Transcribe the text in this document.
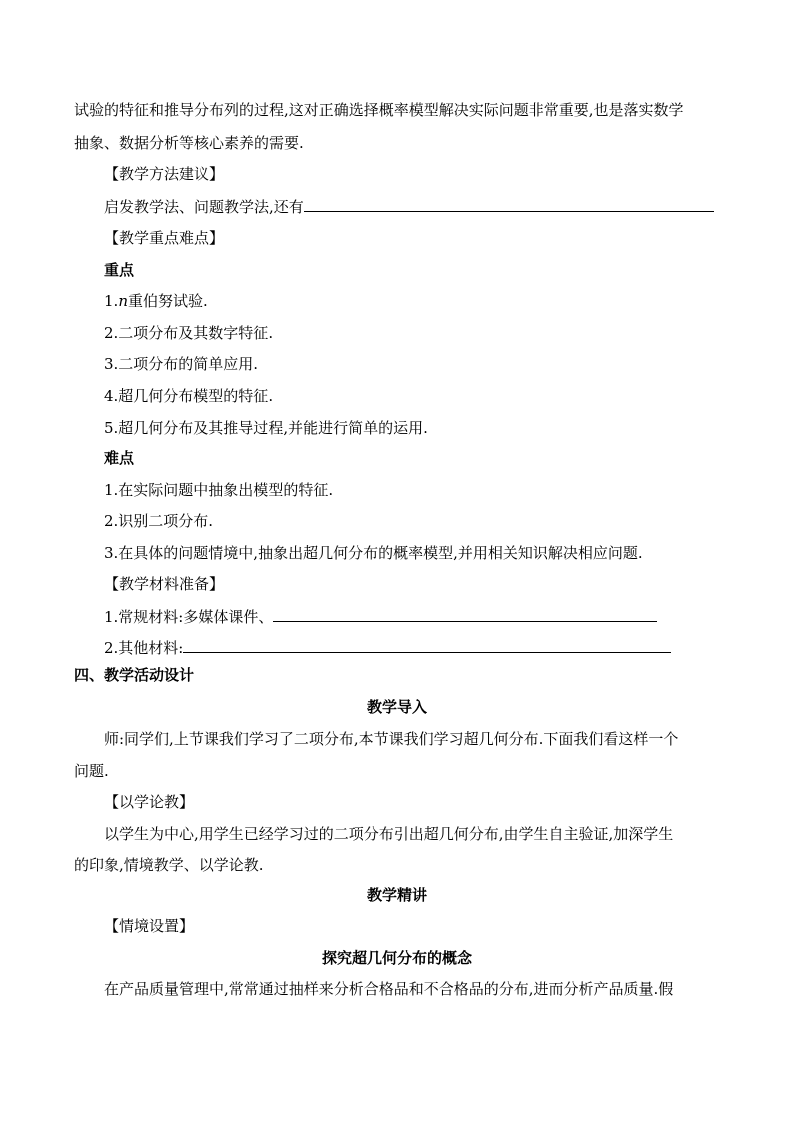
试验的特征和推导分布列的过程,这对正确选择概率模型解决实际问题非常重要,也是落实数学
抽象、数据分析等核心素养的需要.
【教学方法建议】
启发教学法、问题教学法,还有
【教学重点难点】
重点
1.n重伯努试验.
2.二项分布及其数字特征.
3.二项分布的简单应用.
4.超几何分布模型的特征.
5.超几何分布及其推导过程,并能进行简单的运用.
难点
1.在实际问题中抽象出模型的特征.
2.识别二项分布.
3.在具体的问题情境中,抽象出超几何分布的概率模型,并用相关知识解决相应问题.
【教学材料准备】
1.常规材料:多媒体课件、
2.其他材料:
四、教学活动设计
教学导入
师:同学们,上节课我们学习了二项分布,本节课我们学习超几何分布.下面我们看这样一个
问题.
【以学论教】
以学生为中心,用学生已经学习过的二项分布引出超几何分布,由学生自主验证,加深学生
的印象,情境教学、以学论教.
教学精讲
【情境设置】
探究超几何分布的概念
在产品质量管理中,常常通过抽样来分析合格品和不合格品的分布,进而分析产品质量.假
